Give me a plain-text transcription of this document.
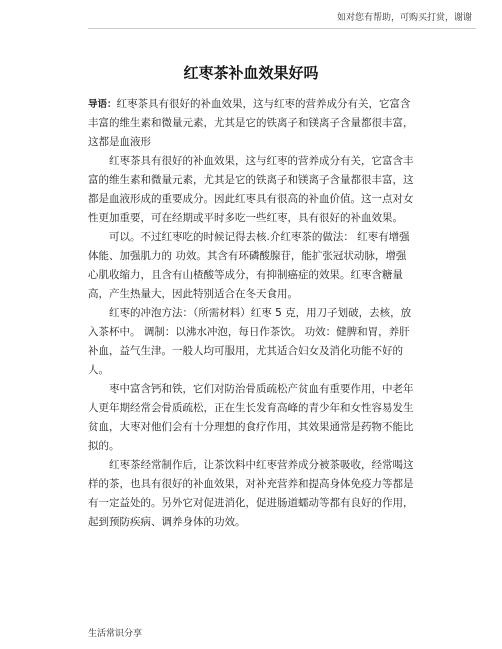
如对您有帮助，可购买打赏，谢谢
红枣茶补血效果好吗

导语：红枣茶具有很好的补血效果，这与红枣的营养成分有关，它富含丰富的维生素和微量元素，尤其是它的铁离子和镁离子含量都很丰富，这都是血液形

红枣茶具有很好的补血效果，这与红枣的营养成分有关，它富含丰富的维生素和微量元素，尤其是它的铁离子和镁离子含量都很丰富，这都是血液形成的重要成分。因此红枣具有很高的补血价值。这一点对女性更加重要，可在经期或平时多吃一些红枣，具有很好的补血效果。

可以。不过红枣吃的时候记得去核.介红枣茶的做法： 红枣有增强体能、加强肌力的 功效。其含有环磷酸腺苷，能扩张冠状动脉，增强心肌收缩力，且含有山楂酸等成分，有抑制癌症的效果。红枣含糖量高，产生热量大，因此特别适合在冬天食用。

红枣的冲泡方法：（所需材料）红枣 5 克，用刀子划破，去核，放入茶杯中。 调制：以沸水冲泡，每日作茶饮。 功效：健脾和胃，养肝补血，益气生津。一般人均可服用，尤其适合妇女及消化功能不好的人。

枣中富含钙和铁，它们对防治骨质疏松产贫血有重要作用，中老年人更年期经常会骨质疏松，正在生长发育高峰的青少年和女性容易发生贫血，大枣对他们会有十分理想的食疗作用，其效果通常是药物不能比拟的。

红枣茶经常制作后，让茶饮料中红枣营养成分被茶吸收，经常喝这样的茶，也具有很好的补血效果，对补充营养和提高身体免疫力等都是有一定益处的。另外它对促进消化，促进肠道蠕动等都有良好的作用，起到预防疾病、调养身体的功效。

生活常识分享
